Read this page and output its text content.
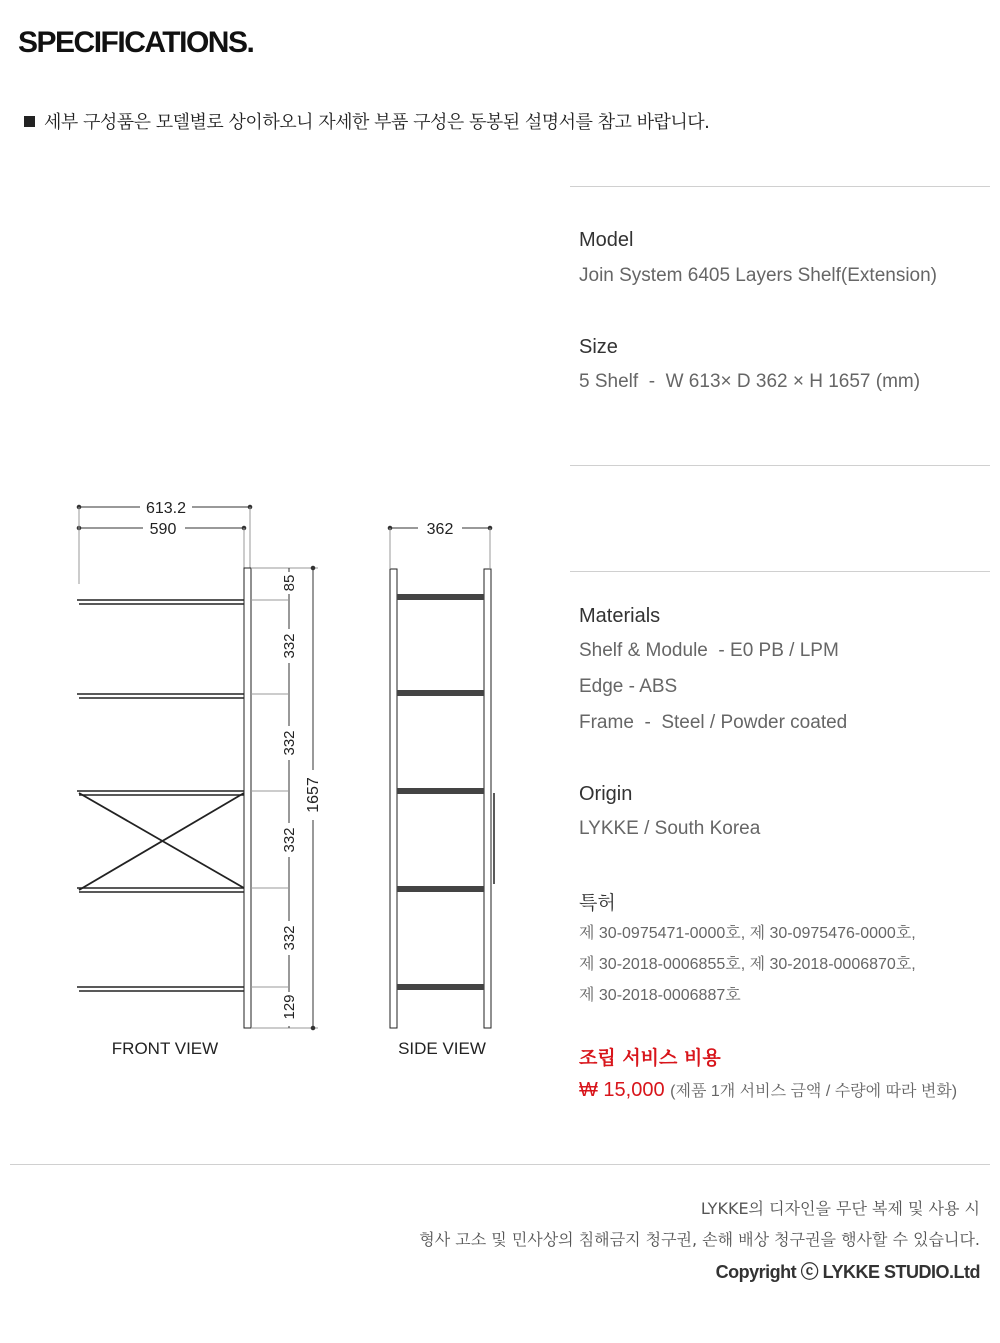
SPECIFICATIONS.
세부 구성품은 모델별로 상이하오니 자세한 부품 구성은 동봉된 설명서를 참고 바랍니다.
613.2
590	362
1657
85
332
332
332
332
129
FRONT VIEW	SIDE VIEW
Model
Join System 6405 Layers Shelf(Extension)
Size
5 Shelf  -  W 613× D 362 × H 1657 (mm)
Materials
Shelf & Module  - E0 PB / LPM
Edge - ABS
Frame  -  Steel / Powder coated
Origin
LYKKE / South Korea
특허
제 30-0975471-0000호, 제 30-0975476-0000호,
제 30-2018-0006855호, 제 30-2018-0006870호,
제 30-2018-0006887호
조립 서비스 비용
₩ 15,000 (제품 1개 서비스 금액 / 수량에 따라 변화)
LYKKE의 디자인을 무단 복제 및 사용 시
형사 고소 및 민사상의 침해금지 청구권, 손해 배상 청구권을 행사할 수 있습니다.
Copyright ⓒ LYKKE STUDIO.Ltd
